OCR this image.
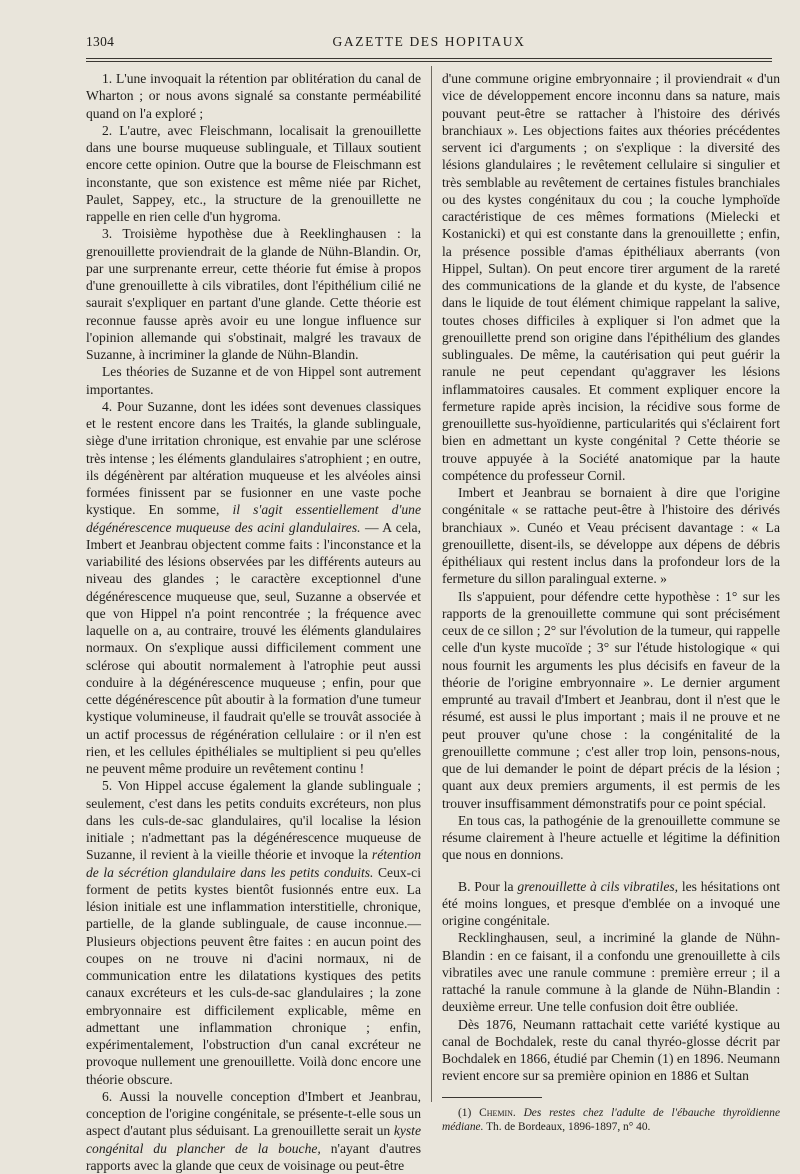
1304	GAZETTE DES HOPITAUX

1. L'une invoquait la rétention par oblitération du canal de Wharton ; or nous avons signalé sa constante perméabilité quand on l'a exploré ;

2. L'autre, avec Fleischmann, localisait la grenouillette dans une bourse muqueuse sublinguale, et Tillaux soutient encore cette opinion. Outre que la bourse de Fleischmann est inconstante, que son existence est même niée par Richet, Paulet, Sappey, etc., la structure de la grenouillette ne rappelle en rien celle d'un hygroma.

3. Troisième hypothèse due à Reeklinghausen : la grenouillette proviendrait de la glande de Nühn-Blandin. Or, par une surprenante erreur, cette théorie fut émise à propos d'une grenouillette à cils vibratiles, dont l'épithélium cilié ne saurait s'expliquer en partant d'une glande. Cette théorie est reconnue fausse après avoir eu une longue influence sur l'opinion allemande qui s'obstinait, malgré les travaux de Suzanne, à incriminer la glande de Nühn-Blandin.

Les théories de Suzanne et de von Hippel sont autrement importantes.

4. Pour Suzanne, dont les idées sont devenues classiques et le restent encore dans les Traités, la glande sublinguale, siège d'une irritation chronique, est envahie par une sclérose très intense ; les éléments glandulaires s'atrophient ; en outre, ils dégénèrent par altération muqueuse et les alvéoles ainsi formées finissent par se fusionner en une vaste poche kystique. En somme, il s'agit essentiellement d'une dégénérescence muqueuse des acini glandulaires. — A cela, Imbert et Jeanbrau objectent comme faits : l'inconstance et la variabilité des lésions observées par les différents auteurs au niveau des glandes ; le caractère exceptionnel d'une dégénérescence muqueuse que, seul, Suzanne a observée et que von Hippel n'a point rencontrée ; la fréquence avec laquelle on a, au contraire, trouvé les éléments glandulaires normaux. On s'explique aussi difficilement comment une sclérose qui aboutit normalement à l'atrophie peut aussi conduire à la dégénérescence muqueuse ; enfin, pour que cette dégénérescence pût aboutir à la formation d'une tumeur kystique volumineuse, il faudrait qu'elle se trouvât associée à un actif processus de régénération cellulaire : or il n'en est rien, et les cellules épithéliales se multiplient si peu qu'elles ne peuvent même produire un revêtement continu !

5. Von Hippel accuse également la glande sublinguale ; seulement, c'est dans les petits conduits excréteurs, non plus dans les culs-de-sac glandulaires, qu'il localise la lésion initiale ; n'admettant pas la dégénérescence muqueuse de Suzanne, il revient à la vieille théorie et invoque la rétention de la sécrétion glandulaire dans les petits conduits. Ceux-ci forment de petits kystes bientôt fusionnés entre eux. La lésion initiale est une inflammation interstitielle, chronique, partielle, de la glande sublinguale, de cause inconnue.— Plusieurs objections peuvent être faites : en aucun point des coupes on ne trouve ni d'acini normaux, ni de communication entre les dilatations kystiques des petits canaux excréteurs et les culs-de-sac glandulaires ; la zone embryonnaire est difficilement explicable, même en admettant une inflammation chronique ; enfin, expérimentalement, l'obstruction d'un canal excréteur ne provoque nullement une grenouillette. Voilà donc encore une théorie obscure.

6. Aussi la nouvelle conception d'Imbert et Jeanbrau, conception de l'origine congénitale, se présente-t-elle sous un aspect d'autant plus séduisant. La grenouillette serait un kyste congénital du plancher de la bouche, n'ayant d'autres rapports avec la glande que ceux de voisinage ou peut-être

d'une commune origine embryonnaire ; il proviendrait « d'un vice de développement encore inconnu dans sa nature, mais pouvant peut-être se rattacher à l'histoire des dérivés branchiaux ». Les objections faites aux théories précédentes servent ici d'arguments ; on s'explique : la diversité des lésions glandulaires ; le revêtement cellulaire si singulier et très semblable au revêtement de certaines fistules branchiales ou des kystes congénitaux du cou ; la couche lymphoïde caractéristique de ces mêmes formations (Mielecki et Kostanicki) et qui est constante dans la grenouillette ; enfin, la présence possible d'amas épithéliaux aberrants (von Hippel, Sultan). On peut encore tirer argument de la rareté des communications de la glande et du kyste, de l'absence dans le liquide de tout élément chimique rappelant la salive, toutes choses difficiles à expliquer si l'on admet que la grenouillette prend son origine dans l'épithélium des glandes sublinguales. De même, la cautérisation qui peut guérir la ranule ne peut cependant qu'aggraver les lésions inflammatoires causales. Et comment expliquer encore la fermeture rapide après incision, la récidive sous forme de grenouillette sus-hyoïdienne, particularités qui s'éclairent fort bien en admettant un kyste congénital ? Cette théorie se trouve appuyée à la Société anatomique par la haute compétence du professeur Cornil.

Imbert et Jeanbrau se bornaient à dire que l'origine congénitale « se rattache peut-être à l'histoire des dérivés branchiaux ». Cunéo et Veau précisent davantage : « La grenouillette, disent-ils, se développe aux dépens de débris épithéliaux qui restent inclus dans la profondeur lors de la fermeture du sillon paralingual externe. »

Ils s'appuient, pour défendre cette hypothèse : 1° sur les rapports de la grenouillette commune qui sont précisément ceux de ce sillon ; 2° sur l'évolution de la tumeur, qui rappelle celle d'un kyste mucoïde ; 3° sur l'étude histologique « qui nous fournit les arguments les plus décisifs en faveur de la théorie de l'origine embryonnaire ». Le dernier argument emprunté au travail d'Imbert et Jeanbrau, dont il n'est que le résumé, est aussi le plus important ; mais il ne prouve et ne peut prouver qu'une chose : la congénitalité de la grenouillette commune ; c'est aller trop loin, pensons-nous, que de lui demander le point de départ précis de la lésion ; quant aux deux premiers arguments, il est permis de les trouver insuffisamment démonstratifs pour ce point spécial.

En tous cas, la pathogénie de la grenouillette commune se résume clairement à l'heure actuelle et légitime la définition que nous en donnions.

B. Pour la grenouillette à cils vibratiles, les hésitations ont été moins longues, et presque d'emblée on a invoqué une origine congénitale.

Recklinghausen, seul, a incriminé la glande de Nühn-Blandin : en ce faisant, il a confondu une grenouillette à cils vibratiles avec une ranule commune : première erreur ; il a rattaché la ranule commune à la glande de Nühn-Blandin : deuxième erreur. Une telle confusion doit être oubliée.

Dès 1876, Neumann rattachait cette variété kystique au canal de Bochdalek, reste du canal thyréo-glosse décrit par Bochdalek en 1866, étudié par Chemin (1) en 1896. Neumann revient encore sur sa première opinion en 1886 et Sultan

(1) Chemin. Des restes chez l'adulte de l'ébauche thyroïdienne médiane. Th. de Bordeaux, 1896-1897, n° 40.
